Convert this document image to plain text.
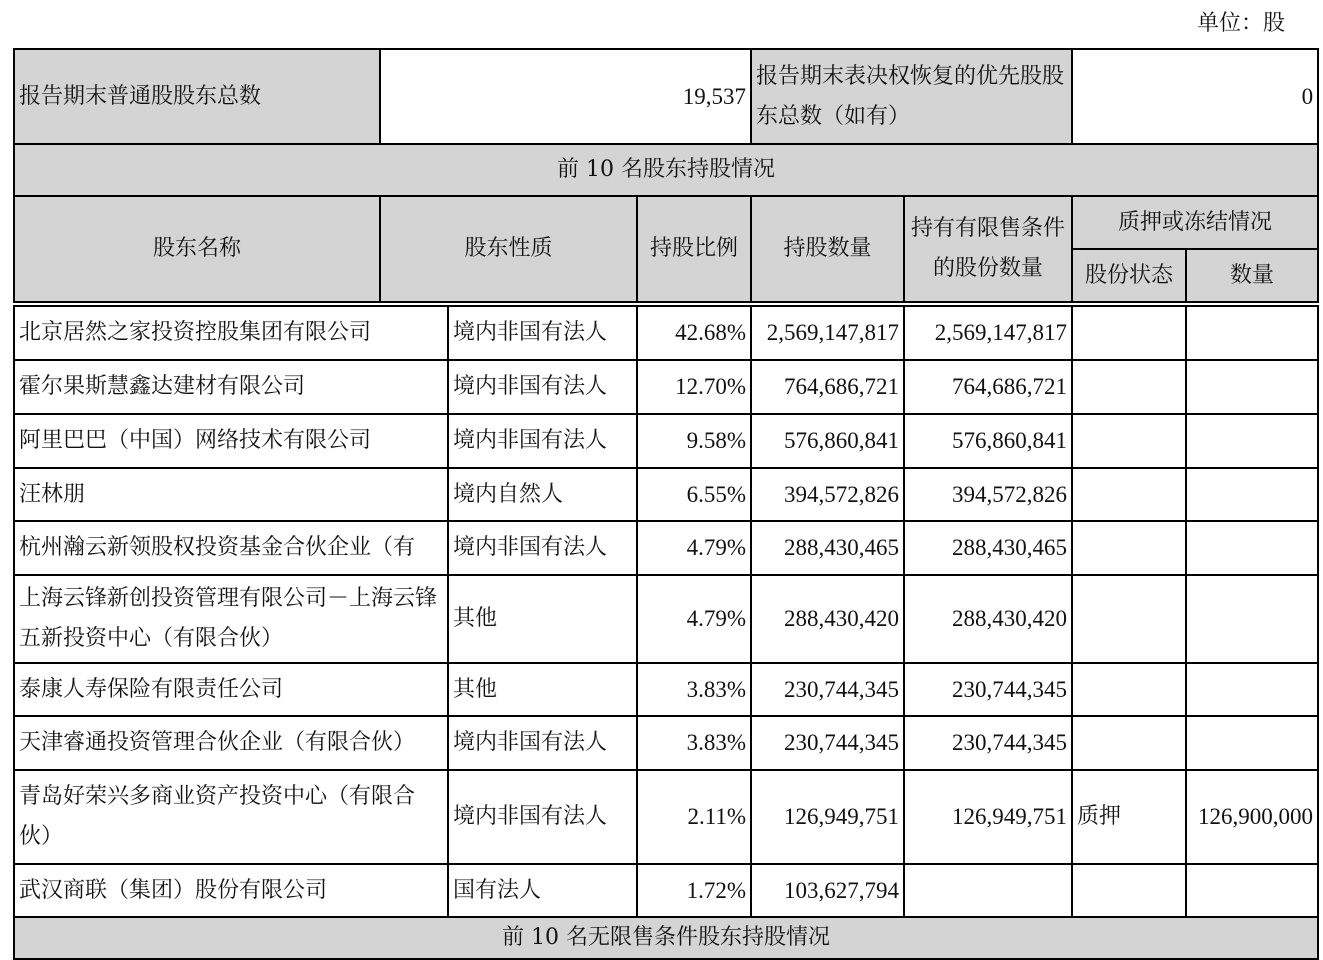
单位：股
报告期末普通股股东总数	19,537		报告期末表决权恢复的优先股股东总数（如有）		0	
前 10 名股东持股情况						
股东名称	股东性质	持股比例	持股数量	持有有限售条件的股份数量	质押或冻结情况	
					股份状态	数量
北京居然之家投资控股集团有限公司	境内非国有法人	42.68%	2,569,147,817	2,569,147,817		
霍尔果斯慧鑫达建材有限公司	境内非国有法人	12.70%	764,686,721	764,686,721		
阿里巴巴（中国）网络技术有限公司	境内非国有法人	9.58%	576,860,841	576,860,841		
汪林朋	境内自然人	6.55%	394,572,826	394,572,826		
杭州瀚云新领股权投资基金合伙企业（有	境内非国有法人	4.79%	288,430,465	288,430,465		
上海云锋新创投资管理有限公司－上海云锋五新投资中心（有限合伙）	其他	4.79%	288,430,420	288,430,420		
泰康人寿保险有限责任公司	其他	3.83%	230,744,345	230,744,345		
天津睿通投资管理合伙企业（有限合伙）	境内非国有法人	3.83%	230,744,345	230,744,345		
青岛好荣兴多商业资产投资中心（有限合伙）	境内非国有法人	2.11%	126,949,751	126,949,751	质押	126,900,000
武汉商联（集团）股份有限公司	国有法人	1.72%	103,627,794			
前 10 名无限售条件股东持股情况						
